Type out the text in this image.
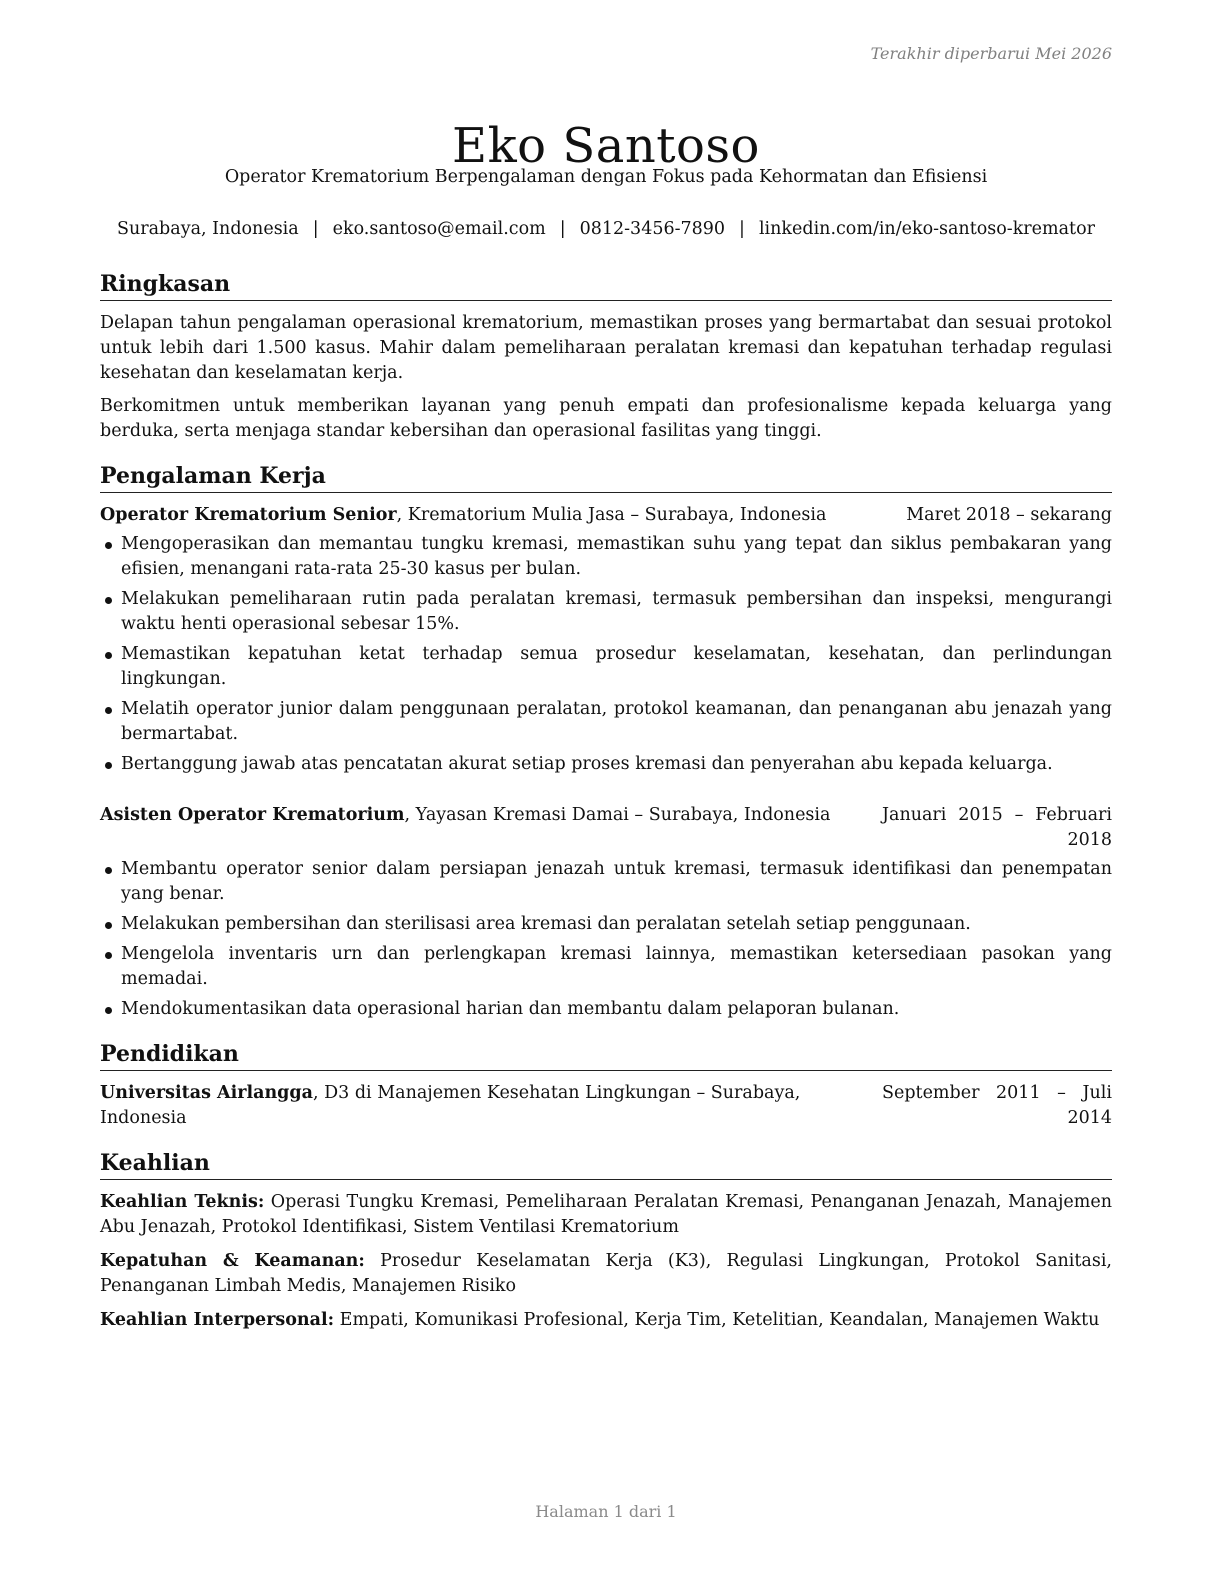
Terakhir diperbarui Mei 2026
Eko Santoso
Operator Krematorium Berpengalaman dengan Fokus pada Kehormatan dan Efisiensi
Surabaya, Indonesia | eko.santoso@email.com | 0812-3456-7890 | linkedin.com/in/eko-santoso-kremator
Ringkasan

Delapan tahun pengalaman operasional krematorium, memastikan proses yang bermartabat dan sesuai protokol untuk lebih dari 1.500 kasus. Mahir dalam pemeliharaan peralatan kremasi dan kepatuhan terhadap regulasi kesehatan dan keselamatan kerja.

Berkomitmen untuk memberikan layanan yang penuh empati dan profesionalisme kepada keluarga yang berduka, serta menjaga standar kebersihan dan operasional fasilitas yang tinggi.

Pengalaman Kerja
Operator Krematorium Senior, Krematorium Mulia Jasa – Surabaya, Indonesia	Maret 2018 – sekarang
Mengoperasikan dan memantau tungku kremasi, memastikan suhu yang tepat dan siklus pembakaran yang efisien, menangani rata-rata 25-30 kasus per bulan.
Melakukan pemeliharaan rutin pada peralatan kremasi, termasuk pembersihan dan inspeksi, mengurangi waktu henti operasional sebesar 15%.
Memastikan kepatuhan ketat terhadap semua prosedur keselamatan, kesehatan, dan perlindungan lingkungan.
Melatih operator junior dalam penggunaan peralatan, protokol keamanan, dan penanganan abu jenazah yang bermartabat.
Bertanggung jawab atas pencatatan akurat setiap proses kremasi dan penyerahan abu kepada keluarga.
Asisten Operator Krematorium, Yayasan Kremasi Damai – Surabaya, Indonesia	Januari 2015 – Februari
2018
Membantu operator senior dalam persiapan jenazah untuk kremasi, termasuk identifikasi dan penempatan yang benar.
Melakukan pembersihan dan sterilisasi area kremasi dan peralatan setelah setiap penggunaan.
Mengelola inventaris urn dan perlengkapan kremasi lainnya, memastikan ketersediaan pasokan yang memadai.
Mendokumentasikan data operasional harian dan membantu dalam pelaporan bulanan.
Pendidikan
Universitas Airlangga, D3 di Manajemen Kesehatan Lingkungan – Surabaya, Indonesia
September 2011 – Juli
2014
Keahlian
Keahlian Teknis: Operasi Tungku Kremasi, Pemeliharaan Peralatan Kremasi, Penanganan Jenazah, Manajemen Abu Jenazah, Protokol Identifikasi, Sistem Ventilasi Krematorium
Kepatuhan & Keamanan: Prosedur Keselamatan Kerja (K3), Regulasi Lingkungan, Protokol Sanitasi, Penanganan Limbah Medis, Manajemen Risiko
Keahlian Interpersonal: Empati, Komunikasi Profesional, Kerja Tim, Ketelitian, Keandalan, Manajemen Waktu
Halaman 1 dari 1
